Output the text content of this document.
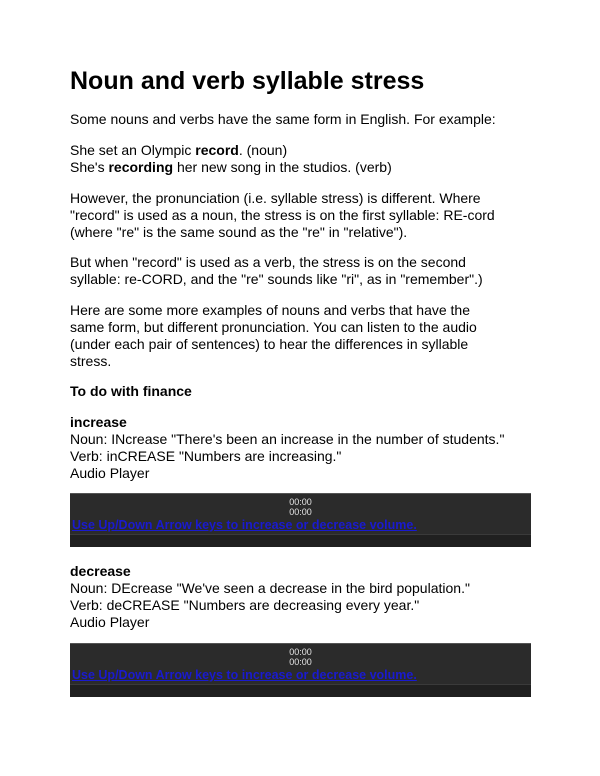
Noun and verb syllable stress

Some nouns and verbs have the same form in English. For example:

She set an Olympic record. (noun)
She's recording her new song in the studios. (verb)

However, the pronunciation (i.e. syllable stress) is different. Where
"record" is used as a noun, the stress is on the first syllable: RE-cord
(where "re" is the same sound as the "re" in "relative").

But when "record" is used as a verb, the stress is on the second
syllable: re-CORD, and the "re" sounds like "ri", as in "remember".)

Here are some more examples of nouns and verbs that have the
same form, but different pronunciation. You can listen to the audio
(under each pair of sentences) to hear the differences in syllable
stress.

To do with finance

increase
Noun: INcrease "There's been an increase in the number of students."
Verb: inCREASE "Numbers are increasing."
Audio Player

00:00
00:00
Use Up/Down Arrow keys to increase or decrease volume.

decrease
Noun: DEcrease "We've seen a decrease in the bird population."
Verb: deCREASE "Numbers are decreasing every year."
Audio Player

00:00
00:00
Use Up/Down Arrow keys to increase or decrease volume.
